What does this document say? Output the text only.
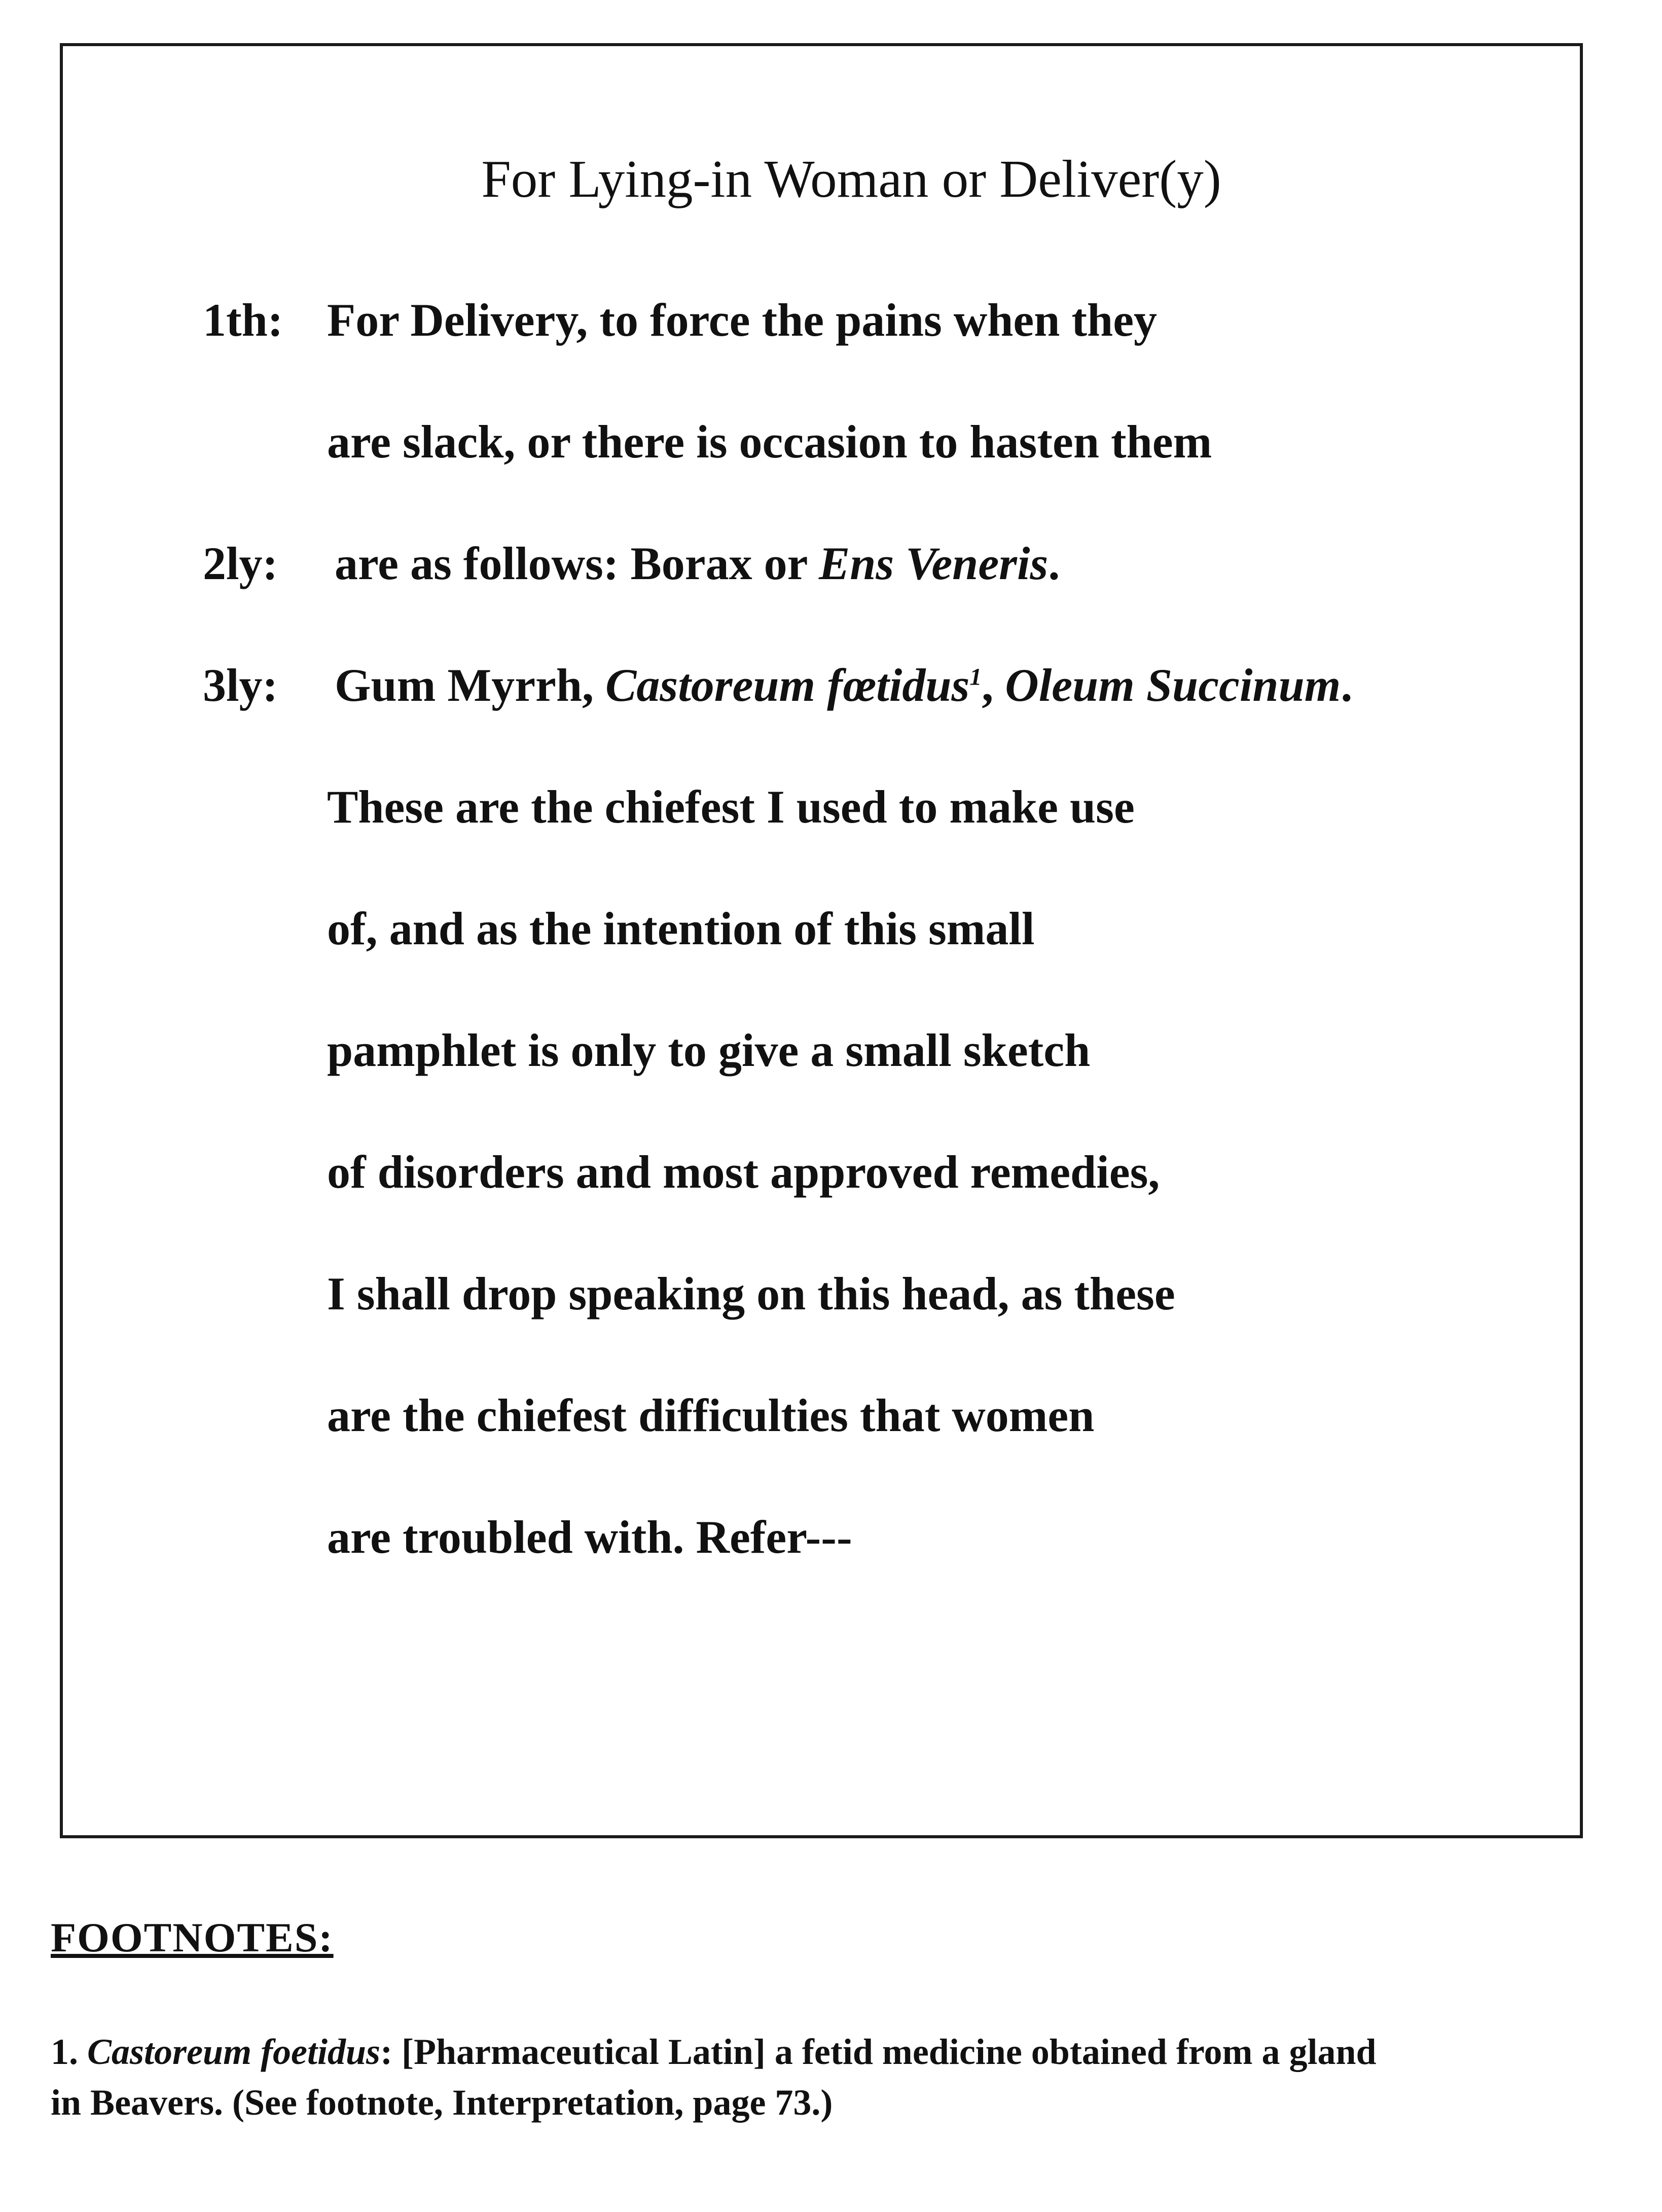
For Lying-in Woman or Deliver(y)
1th: For Delivery, to force the pains when they
are slack, or there is occasion to hasten them
2ly: are as follows: Borax or Ens Veneris.
3ly: Gum Myrrh, Castoreum fœtidus$^1$, Oleum Succinum.
These are the chiefest I used to make use
of, and as the intention of this small
pamphlet is only to give a small sketch
of disorders and most approved remedies,
I shall drop speaking on this head, as these
are the chiefest difficulties that women
are troubled with. Refer---
FOOTNOTES:
1. Castoreum foetidus: [Pharmaceutical Latin] a fetid medicine obtained from a gland
in Beavers. (See footnote, Interpretation, page 73.)
